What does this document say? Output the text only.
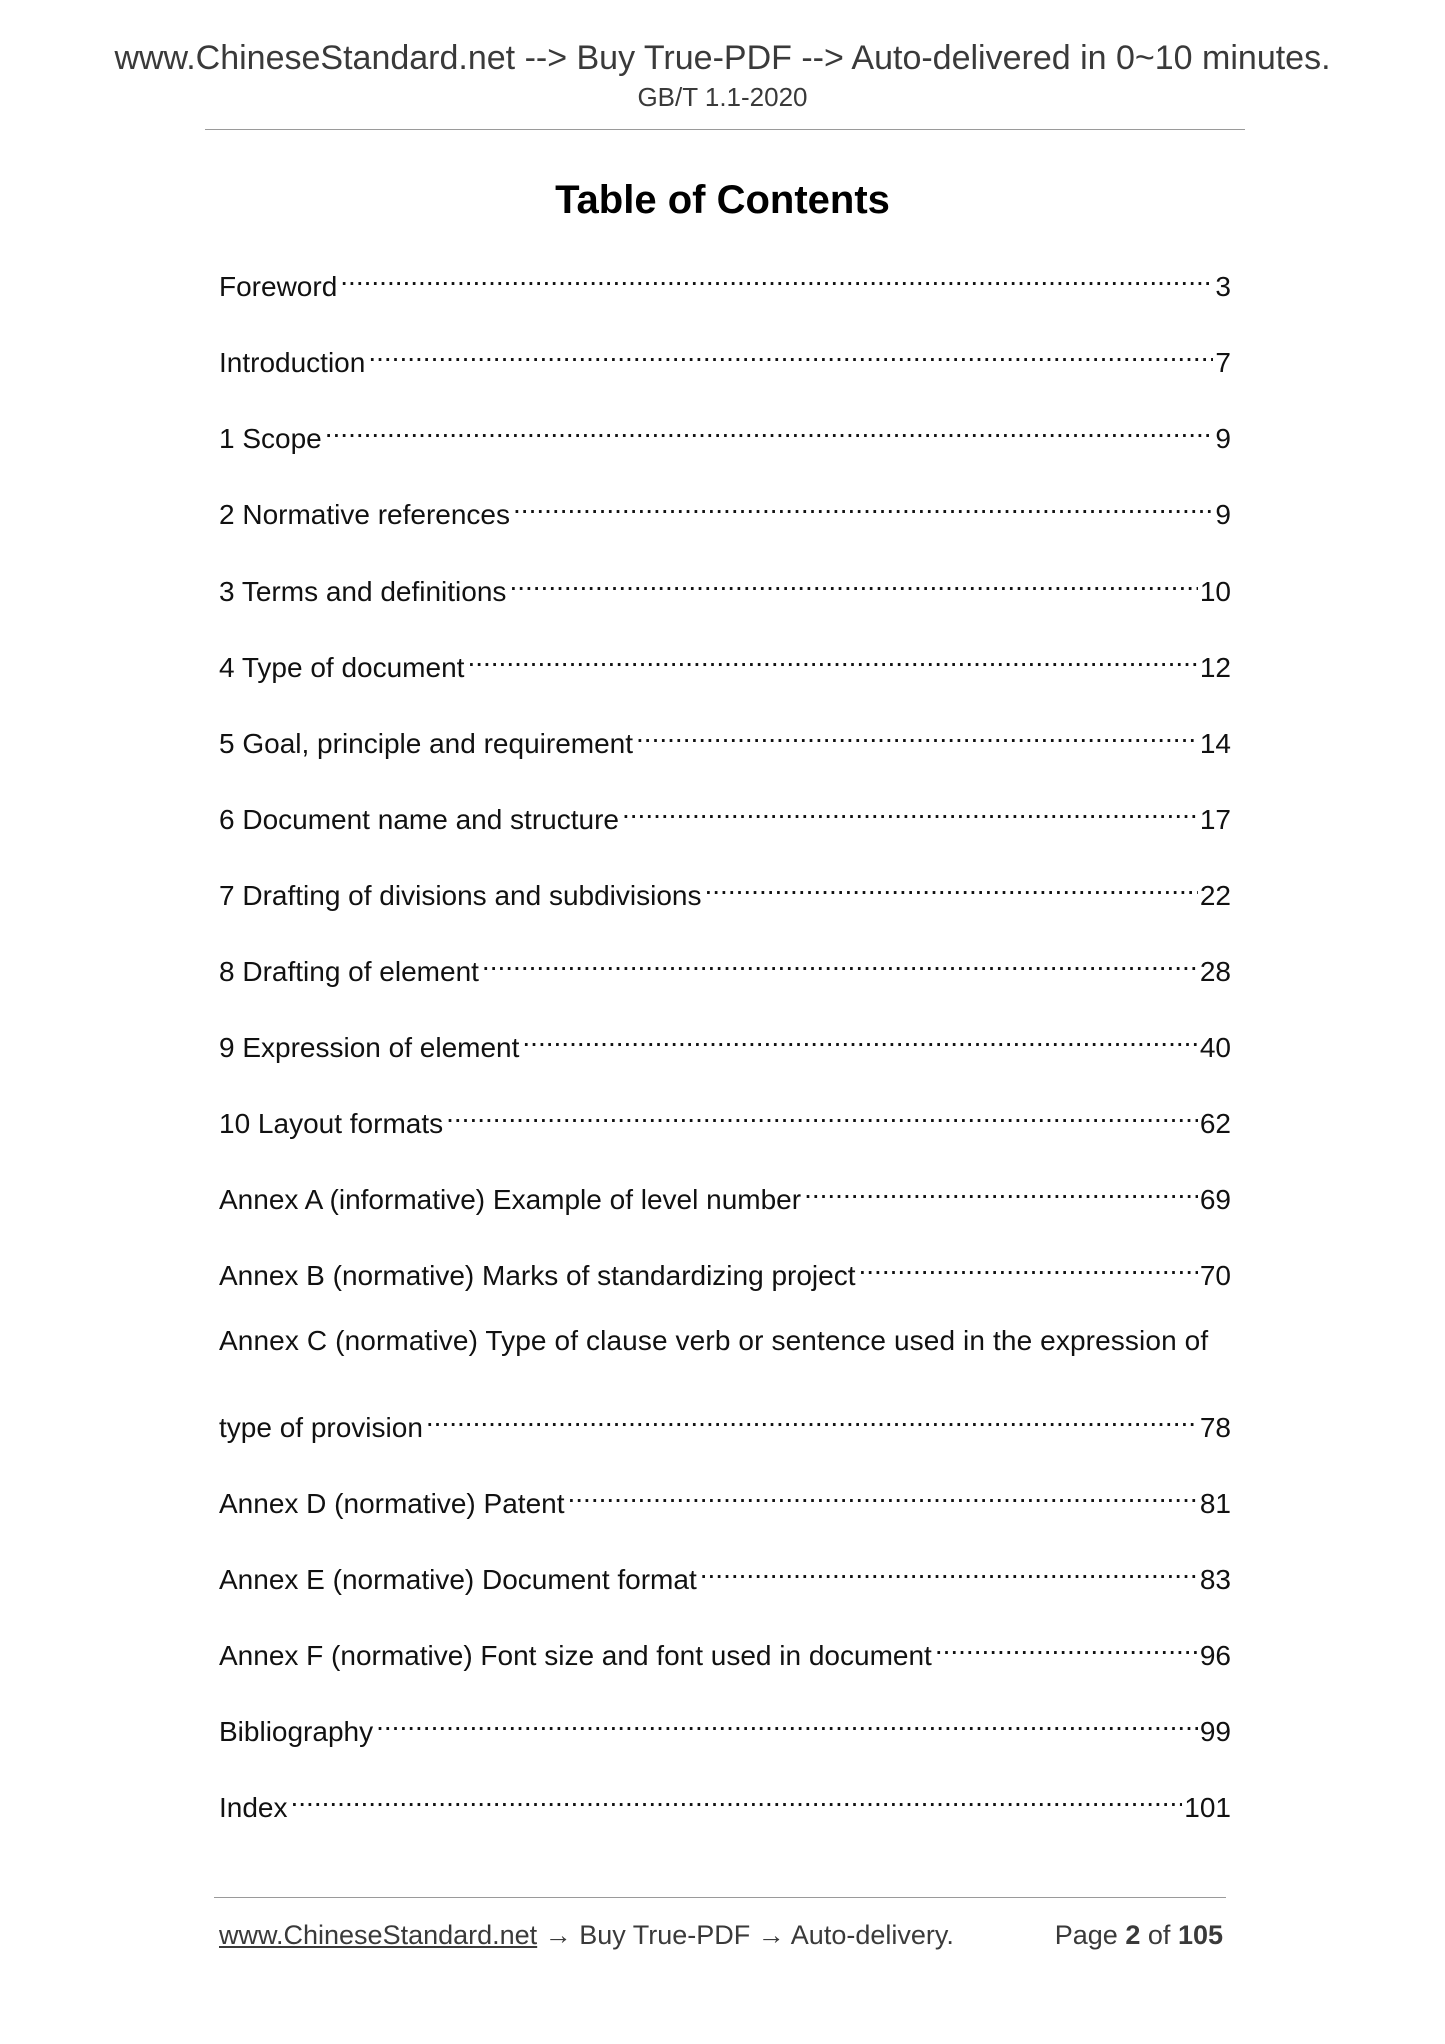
www.ChineseStandard.net --> Buy True-PDF --> Auto-delivered in 0~10 minutes.
GB/T 1.1-2020
Table of Contents
Foreword .....	3
Introduction .....	7
1 Scope .....	9
2 Normative references .....	9
3 Terms and definitions .....	10
4 Type of document .....	12
5 Goal, principle and requirement .....	14
6 Document name and structure .....	17
7 Drafting of divisions and subdivisions .....	22
8 Drafting of element .....	28
9 Expression of element .....	40
10 Layout formats .....	62
Annex A (informative) Example of level number .....	69
Annex B (normative) Marks of standardizing project .....	70
Annex C (normative) Type of clause verb or sentence used in the expression of
type of provision .....	78
Annex D (normative) Patent .....	81
Annex E (normative) Document format .....	83
Annex F (normative) Font size and font used in document .....	96
Bibliography .....	99
Index .....	101
www.ChineseStandard.net → Buy True-PDF → Auto-delivery.	Page 2 of 105
